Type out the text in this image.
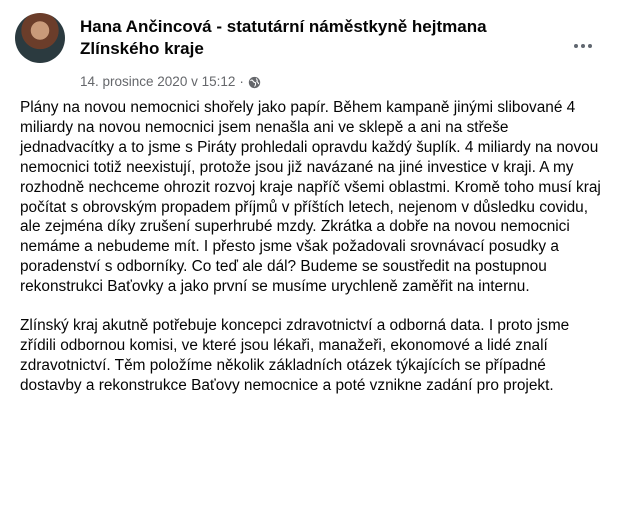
Hana Ančincová - statutární náměstkyně hejtmana Zlínského kraje
14. prosince 2020 v 15:12 ·

Plány na novou nemocnici shořely jako papír. Během kampaně jinými slibované 4 miliardy na novou nemocnici jsem nenašla ani ve sklepě a ani na střeše jednadvacítky a to jsme s Piráty prohledali opravdu každý šuplík. 4 miliardy na novou nemocnici totiž neexistují, protože jsou již navázané na jiné investice v kraji. A my rozhodně nechceme ohrozit rozvoj kraje napříč všemi oblastmi. Kromě toho musí kraj počítat s obrovským propadem příjmů v příštích letech, nejenom v důsledku covidu, ale zejména díky zrušení superhrubé mzdy. Zkrátka a dobře na novou nemocnici nemáme a nebudeme mít. I přesto jsme však požadovali srovnávací posudky a poradenství s odborníky. Co teď ale dál? Budeme se soustředit na postupnou rekonstrukci Baťovky a jako první se musíme urychleně zaměřit na internu.

Zlínský kraj akutně potřebuje koncepci zdravotnictví a odborná data. I proto jsme zřídili odbornou komisi, ve které jsou lékaři, manažeři, ekonomové a lidé znalí zdravotnictví. Těm položíme několik základních otázek týkajících se případné dostavby a rekonstrukce Baťovy nemocnice a poté vznikne zadání pro projekt.
